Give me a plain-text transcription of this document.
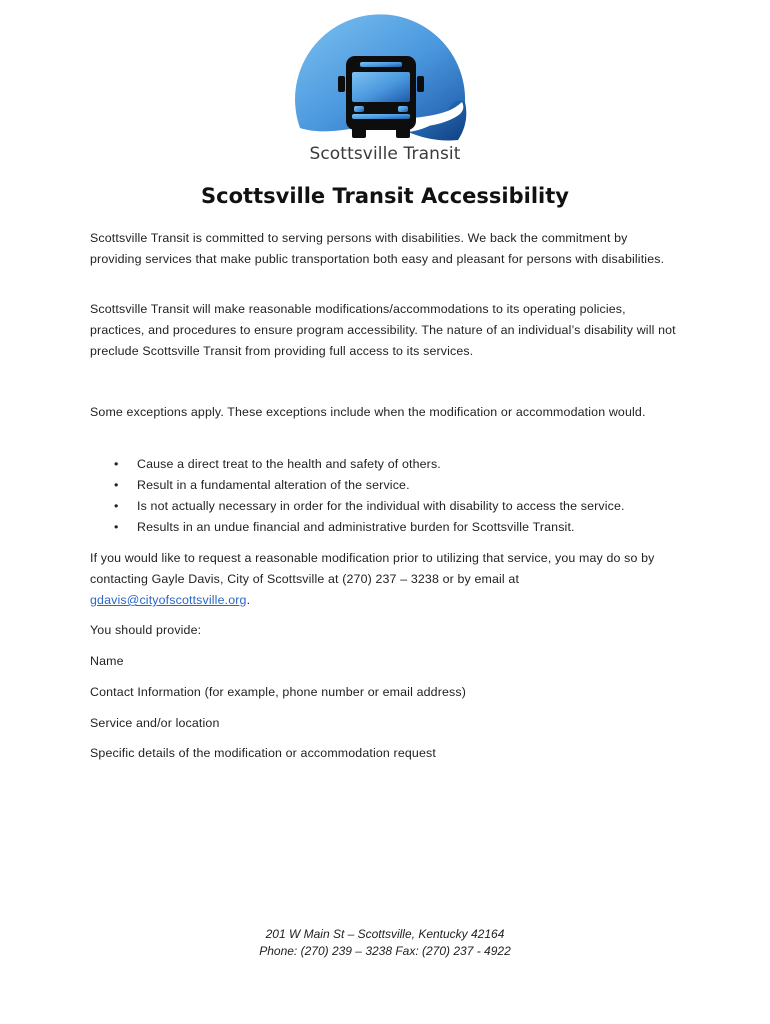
Scottsville Transit
Scottsville Transit Accessibility

Scottsville Transit is committed to serving persons with disabilities. We back the commitment by providing services that make public transportation both easy and pleasant for persons with disabilities.

Scottsville Transit will make reasonable modifications/accommodations to its operating policies, practices, and procedures to ensure program accessibility. The nature of an individual’s disability will not preclude Scottsville Transit from providing full access to its services.

Some exceptions apply. These exceptions include when the modification or accommodation would.

• Cause a direct treat to the health and safety of others.
• Result in a fundamental alteration of the service.
• Is not actually necessary in order for the individual with disability to access the service.
• Results in an undue financial and administrative burden for Scottsville Transit.

If you would like to request a reasonable modification prior to utilizing that service, you may do so by contacting Gayle Davis, City of Scottsville at (270) 237 – 3238 or by email at gdavis@cityofscottsville.org.

You should provide:

Name

Contact Information (for example, phone number or email address)

Service and/or location

Specific details of the modification or accommodation request

201 W Main St – Scottsville, Kentucky 42164
Phone: (270) 239 – 3238 Fax: (270) 237 - 4922
